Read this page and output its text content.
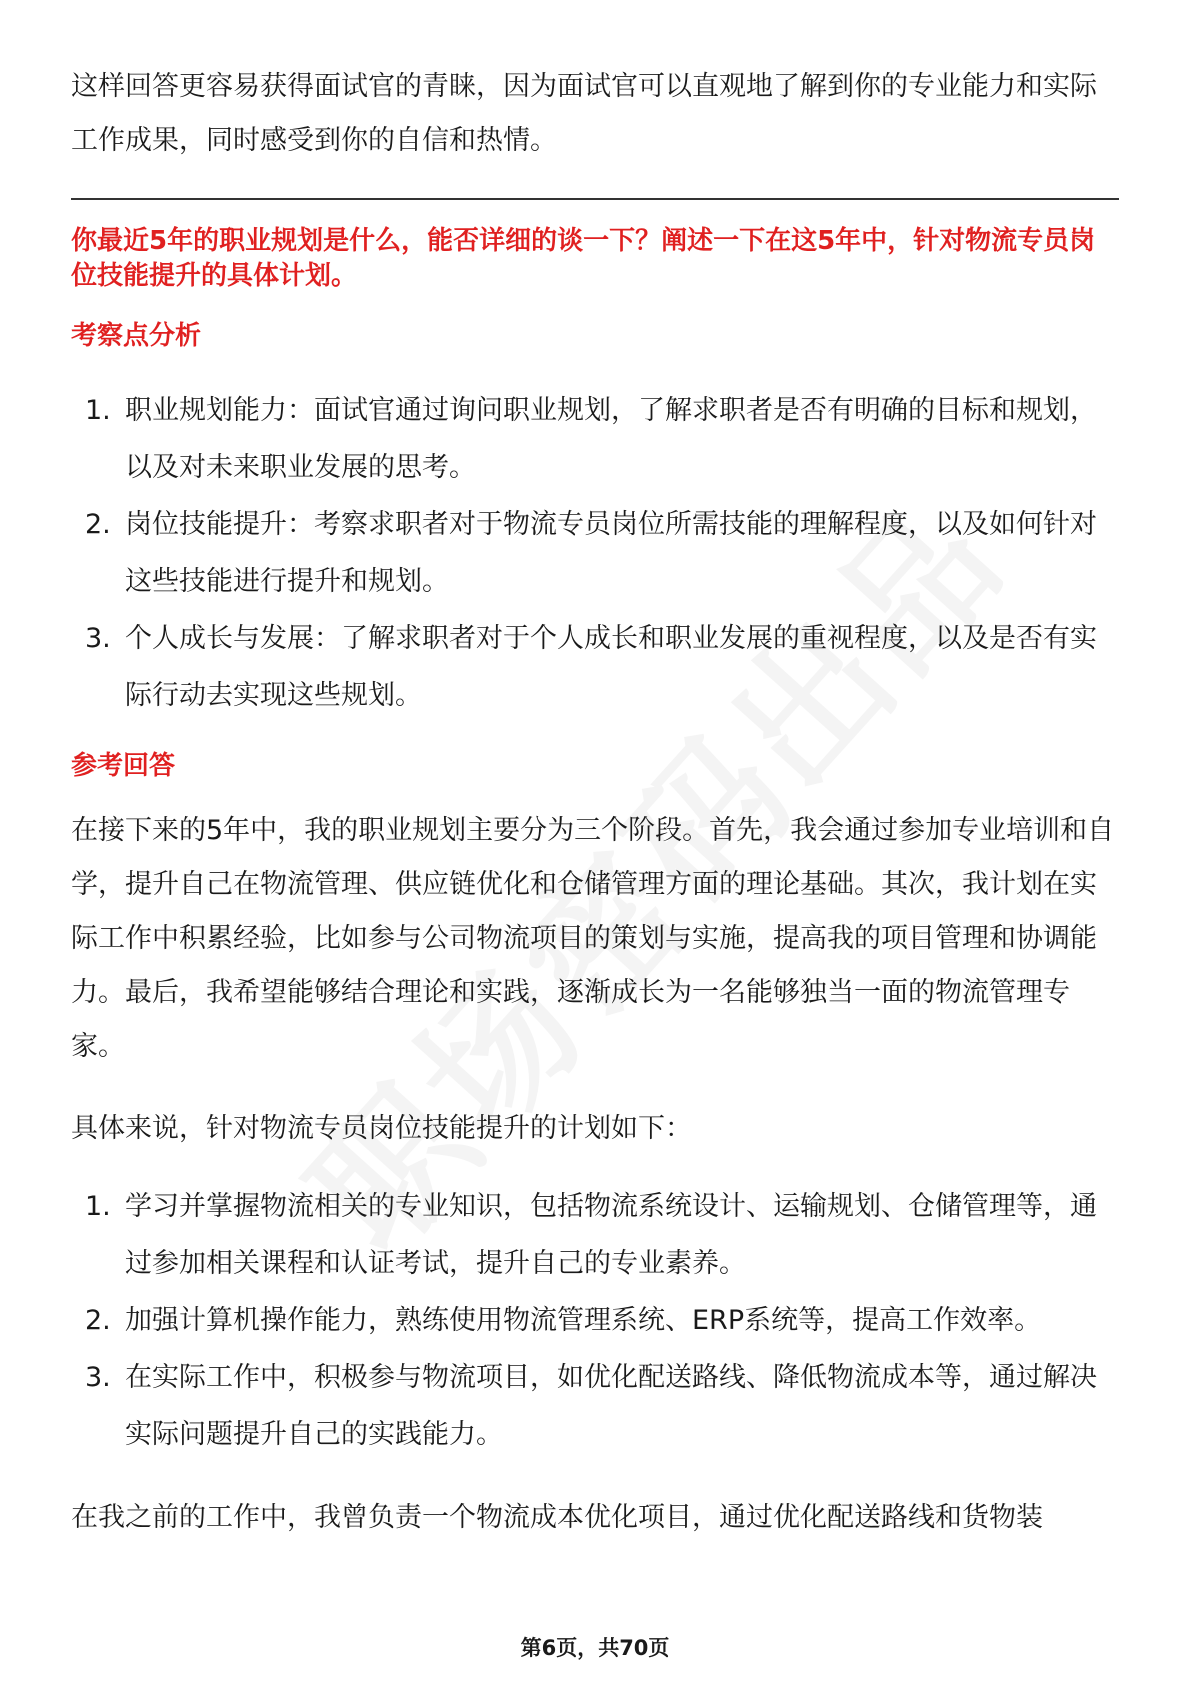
这样回答更容易获得面试官的青睐，因为面试官可以直观地了解到你的专业能力和实际工作成果，同时感受到你的自信和热情。

你最近5年的职业规划是什么，能否详细的谈一下？阐述一下在这5年中，针对物流专员岗位技能提升的具体计划。

考察点分析
1. 职业规划能力：面试官通过询问职业规划，了解求职者是否有明确的目标和规划，以及对未来职业发展的思考。
2. 岗位技能提升：考察求职者对于物流专员岗位所需技能的理解程度，以及如何针对这些技能进行提升和规划。
3. 个人成长与发展：了解求职者对于个人成长和职业发展的重视程度，以及是否有实际行动去实现这些规划。
参考回答

在接下来的5年中，我的职业规划主要分为三个阶段。首先，我会通过参加专业培训和自学，提升自己在物流管理、供应链优化和仓储管理方面的理论基础。其次，我计划在实际工作中积累经验，比如参与公司物流项目的策划与实施，提高我的项目管理和协调能力。最后，我希望能够结合理论和实践，逐渐成长为一名能够独当一面的物流管理专家。

具体来说，针对物流专员岗位技能提升的计划如下：

1. 学习并掌握物流相关的专业知识，包括物流系统设计、运输规划、仓储管理等，通过参加相关课程和认证考试，提升自己的专业素养。
2. 加强计算机操作能力，熟练使用物流管理系统、ERP系统等，提高工作效率。
3. 在实际工作中，积极参与物流项目，如优化配送路线、降低物流成本等，通过解决实际问题提升自己的实践能力。

在我之前的工作中，我曾负责一个物流成本优化项目，通过优化配送路线和货物装

第6页，共70页
